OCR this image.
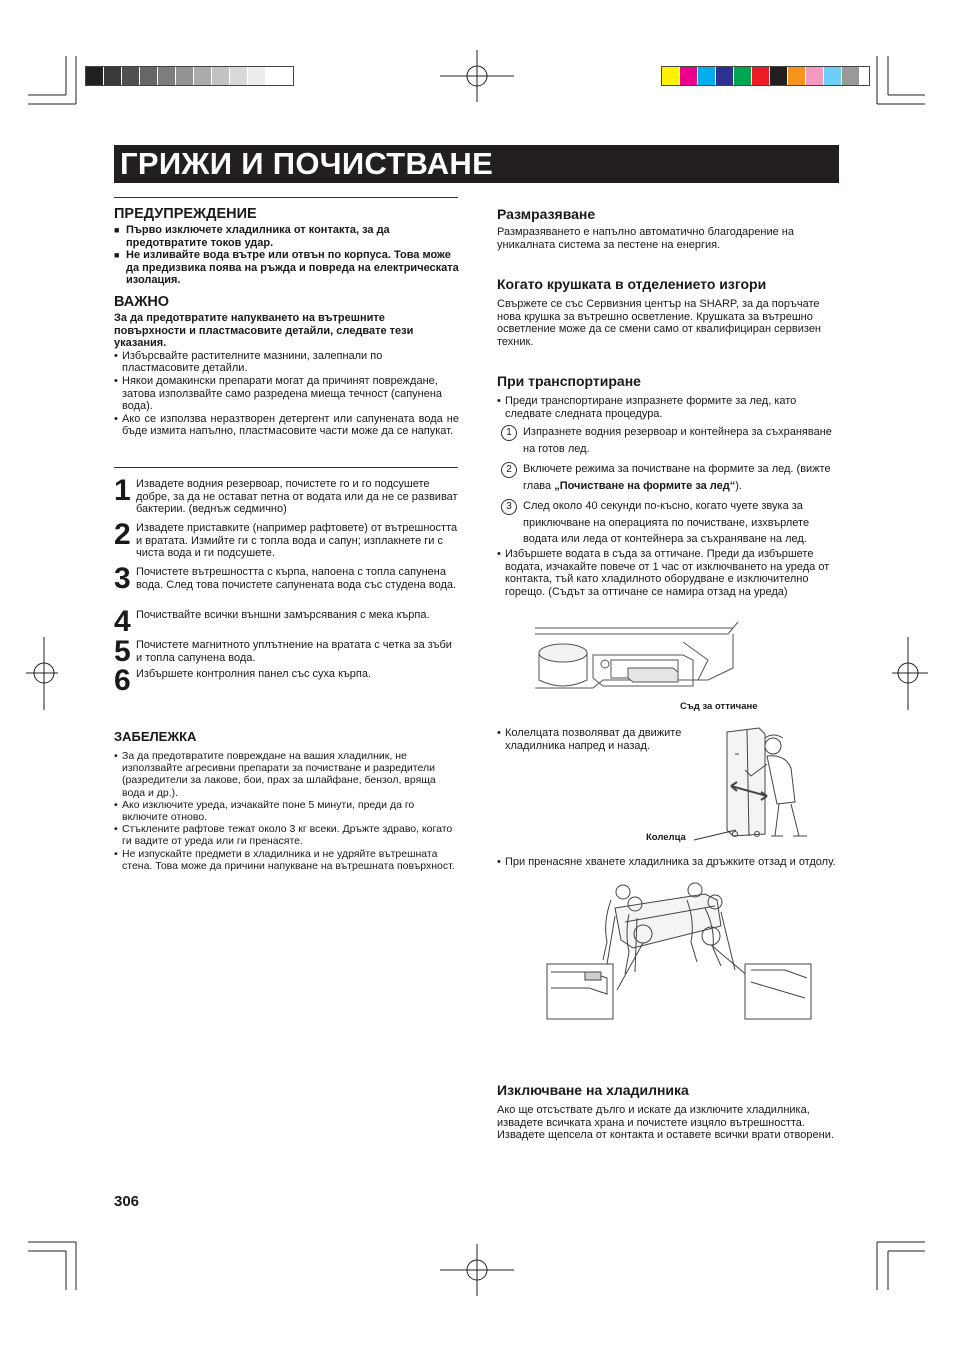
ГРИЖИ И ПОЧИСТВАНЕ

ПРЕДУПРЕЖДЕНИЕ

■ Първо изключете хладилника от контакта, за да предотвратите токов удар.
■ Не изливайте вода вътре или отвън по корпуса. Това може да предизвика поява на ръжда и повреда на електрическата изолация.

ВАЖНО

За да предотвратите напукването на вътрешните повърхности и пластмасовите детайли, следвате тези указания.

• Избърсвайте растителните мазнини, залепнали по пластмасовите детайли.
• Някои домакински препарати могат да причинят повреждане, затова използвайте само разредена миеща течност (сапунена вода).
• Ако се използва неразтворен детергент или сапунената вода не бъде измита напълно, пластмасовите части може да се напукат.
1 Извадете водния резервоар, почистете го и го подсушете добре, за да не остават петна от водата или да не се развиват бактерии. (веднъж седмично)
2 Извадете приставките (например рафтовете) от вътрешността и вратата. Измийте ги с топла вода и сапун; изплакнете ги с чиста вода и ги подсушете.
3 Почистете вътрешността с кърпа, напоена с топла сапунена вода. След това почистете сапунената вода със студена вода.
4 Почиствайте всички външни замърсявания с мека кърпа.
5 Почистете магнитното уплътнение на вратата с четка за зъби и топла сапунена вода.
6 Избършете контролния панел със суха кърпа.

ЗАБЕЛЕЖКА

• За да предотвратите повреждане на вашия хладилник, не използвайте агресивни препарати за почистване и разредители (разредители за лакове, бои, прах за шлайфане, бензол, вряща вода и др.).
• Ако изключите уреда, изчакайте поне 5 минути, преди да го включите отново.
• Стъклените рафтове тежат около 3 кг всеки. Дръжте здраво, когато ги вадите от уреда или ги пренасяте.
• Не изпускайте предмети в хладилника и не удряйте вътрешната стена. Това може да причини напукване на вътрешната повърхност.

Размразяване

Размразяването е напълно автоматично благодарение на уникалната система за пестене на енергия.

Когато крушката в отделението изгори

Свържете се със Сервизния център на SHARP, за да поръчате нова крушка за вътрешно осветление. Крушката за вътрешно осветление може да се смени само от квалифициран сервизен техник.

При транспортиране

• Преди транспортиране изпразнете формите за лед, като следвате следната процедура.
1	Изпразнете водния резервоар и контейнера за съхраняване на готов лед.
2	Включете режима за почистване на формите за лед. (вижте глава „Почистване на формите за лед“).
3	След около 40 секунди по-късно, когато чуете звука за приключване на операцията по почистване, изхвърлете водата или леда от контейнера за съхраняване на лед.
• Избършете водата в съда за оттичане. Преди да избършете водата, изчакайте повече от 1 час от изключването на уреда от контакта, тъй като хладилното оборудване е изключително горещо. (Съдът за оттичане се намира отзад на уреда)
Съд за оттичане
• Колелцата позволяват да движите хладилника напред и назад.
Колелца
• При пренасяне хванете хладилника за дръжките отзад и отдолу.

Изключване на хладилника

Ако ще отсъствате дълго и искате да изключите хладилника, извадете всичката храна и почистете изцяло вътрешността. Извадете щепсела от контакта и оставете всички врати отворени.

306
